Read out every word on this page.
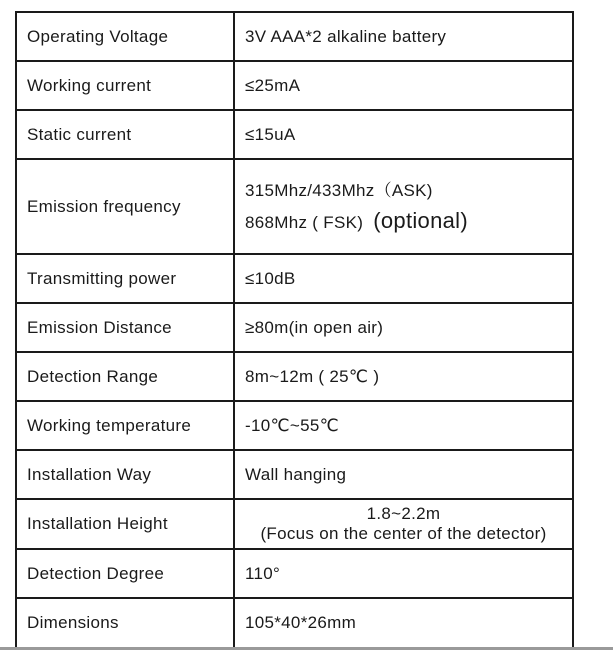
Operating Voltage	3V AAA*2 alkaline battery
Working current	≤25mA
Static current	≤15uA
Emission frequency	315Mhz/433Mhz（ASK)
868Mhz ( FSK) (optional)

Transmitting power	≤10dB
Emission Distance	≥80m(in open air)
Detection Range	8m~12m ( 25℃ )
Working temperature	-10℃~55℃
Installation Way	Wall hanging
Installation Height	1.8~2.2m
(Focus on the center of the detector)

Detection Degree	110°
Dimensions	105*40*26mm
